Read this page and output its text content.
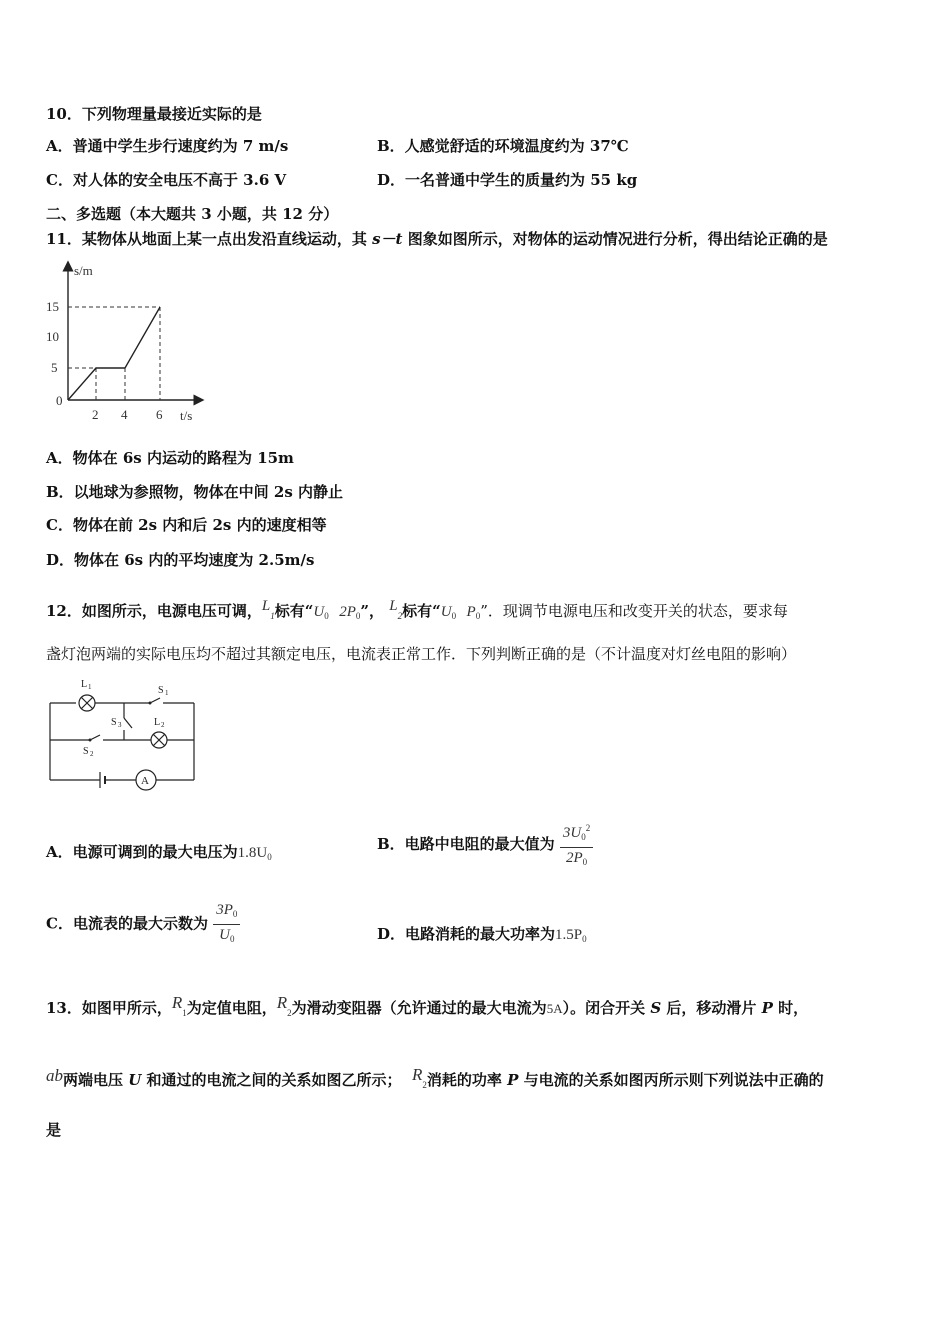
10．下列物理量最接近实际的是
A．普通中学生步行速度约为 7 m/s	B．人感觉舒适的环境温度约为 37℃
C．对人体的安全电压不高于 3.6 V	D．一名普通中学生的质量约为 55 kg
二、多选题（本大题共 3 小题，共 12 分）
11．某物体从地面上某一点出发沿直线运动，其 s－t 图象如图所示，对物体的运动情况进行分析，得出结论正确的是
s/m
t/s
15
10
5
0
2 4 6
A．物体在 6s 内运动的路程为 15m
B．以地球为参照物，物体在中间 2s 内静止
C．物体在前 2s 内和后 2s 内的速度相等
D．物体在 6s 内的平均速度为 2.5m/s
12．如图所示，电源电压可调，$L_1$标有“$U_0$ $2P_0$”， $L_2$标有“$U_0$ $P_0$”．现调节电源电压和改变开关的状态，要求每
盏灯泡两端的实际电压均不超过其额定电压，电流表正常工作．下列判断正确的是（不计温度对灯丝电阻的影响）
A
L 1	S 1
S 3	L 2
S 2
A．电源可调到的最大电压为$1.8U_0$
B．电路中电阻的最大值为 $\frac{3U_0^2}{2P_0}$
C．电流表的最大示数为 $\frac{3P_0}{U_0}$	D．电路消耗的最大功率为$1.5P_0$
13．如图甲所示，$R_1$为定值电阻，$R_2$为滑动变阻器（允许通过的最大电流为5A）。闭合开关 S 后，移动滑片 P 时，
ab两端电压 U 和通过的电流之间的关系如图乙所示； $R_2$消耗的功率 P 与电流的关系如图丙所示则下列说法中正确的
是
